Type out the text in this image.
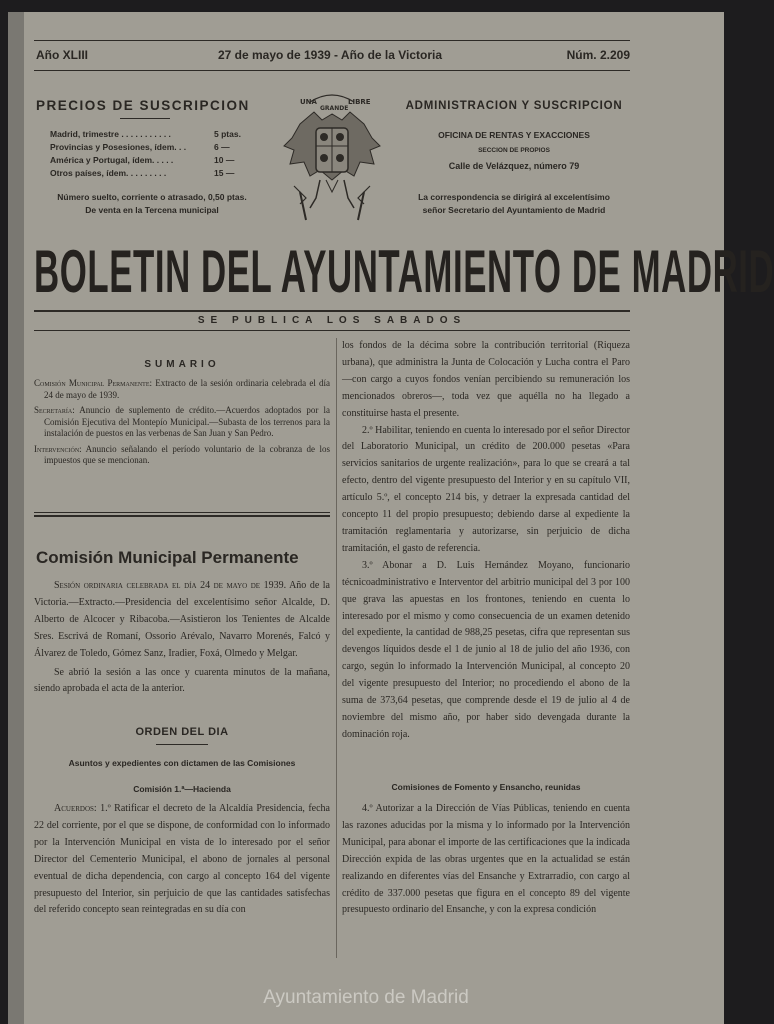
Año XLIII	27 de mayo de 1939 - Año de la Victoria	Núm. 2.209
PRECIOS DE SUSCRIPCION
Madrid, trimestre . . . . . . . . . . .	5 ptas.
Provincias y Posesiones, ídem. . .	6 —
América y Portugal, ídem. . . . .	10 —
Otros países, ídem. . . . . . . . .	15 —
Número suelto, corriente o atrasado, 0,50 ptas.
De venta en la Tercena municipal
UNA
GRANDE
LIBRE	ADMINISTRACION Y SUSCRIPCION
OFICINA DE RENTAS Y EXACCIONES
SECCION DE PROPIOS
Calle de Velázquez, número 79
La correspondencia se dirigirá al excelentísimo
señor Secretario del Ayuntamiento de Madrid
BOLETIN DEL AYUNTAMIENTO DE MADRID
SE PUBLICA LOS SABADOS
SUMARIO

Comisión Municipal Permanente: Extracto de la sesión ordinaria celebrada el día 24 de mayo de 1939.

Secretaría: Anuncio de suplemento de crédito.—Acuerdos adoptados por la Comisión Ejecutiva del Montepío Municipal.—Subasta de los terrenos para la instalación de puestos en las verbenas de San Juan y San Pedro.

Intervención: Anuncio señalando el período voluntario de la cobranza de los impuestos que se mencionan.

Comisión Municipal Permanente

Sesión ordinaria celebrada el día 24 de mayo de 1939. Año de la Victoria.—Extracto.—Presidencia del excelentísimo señor Alcalde, D. Alberto de Alcocer y Ribacoba.—Asistieron los Tenientes de Alcalde Sres. Escrivá de Romaní, Ossorio Arévalo, Navarro Morenés, Falcó y Álvarez de Toledo, Gómez Sanz, Iradier, Foxá, Olmedo y Melgar.

Se abrió la sesión a las once y cuarenta minutos de la mañana, siendo aprobada el acta de la anterior.

ORDEN DEL DIA
Asuntos y expedientes con dictamen de las Comisiones
Comisión 1.ª—Hacienda

Acuerdos: 1.º Ratificar el decreto de la Alcaldía Presidencia, fecha 22 del corriente, por el que se dispone, de conformidad con lo informado por la Intervención Municipal en vista de lo interesado por el señor Director del Cementerio Municipal, el abono de jornales al personal eventual de dicha dependencia, con cargo al concepto 164 del vigente presupuesto del Interior, sin perjuicio de que las cantidades satisfechas del referido concepto sean reintegradas en su día con

los fondos de la décima sobre la contribución territorial (Riqueza urbana), que administra la Junta de Colocación y Lucha contra el Paro —con cargo a cuyos fondos venían percibiendo su remuneración los mencionados obreros—, toda vez que aquélla no ha llegado a constituirse hasta el presente.

2.º Habilitar, teniendo en cuenta lo interesado por el señor Director del Laboratorio Municipal, un crédito de 200.000 pesetas «Para servicios sanitarios de urgente realización», para lo que se creará a tal efecto, dentro del vigente presupuesto del Interior y en su capítulo VII, artículo 5.º, el concepto 214 bis, y detraer la expresada cantidad del concepto 11 del propio presupuesto; debiendo darse al expediente la tramitación reglamentaria y autorizarse, sin perjuicio de dicha tramitación, el gasto de referencia.

3.º Abonar a D. Luis Hernández Moyano, funcionario técnicoadministrativo e Interventor del arbitrio municipal del 3 por 100 que grava las apuestas en los frontones, teniendo en cuenta lo interesado por el mismo y como consecuencia de un examen detenido del expediente, la cantidad de 988,25 pesetas, cifra que representan sus devengos líquidos desde el 1 de junio al 18 de julio del año 1936, con cargo, según lo informado la Intervención Municipal, al concepto 20 del vigente presupuesto del Interior; no procediendo el abono de la suma de 373,64 pesetas, que comprende desde el 19 de julio al 4 de noviembre del mismo año, por haber sido devengada durante la dominación roja.

Comisiones de Fomento y Ensancho, reunidas

4.º Autorizar a la Dirección de Vías Públicas, teniendo en cuenta las razones aducidas por la misma y lo informado por la Intervención Municipal, para abonar el importe de las certificaciones que la indicada Dirección expida de las obras urgentes que en la actualidad se están realizando en diferentes vías del Ensanche y Extrarradio, con cargo al crédito de 337.000 pesetas que figura en el concepto 89 del vigente presupuesto ordinario del Ensanche, y con la expresa condición

Ayuntamiento de Madrid
